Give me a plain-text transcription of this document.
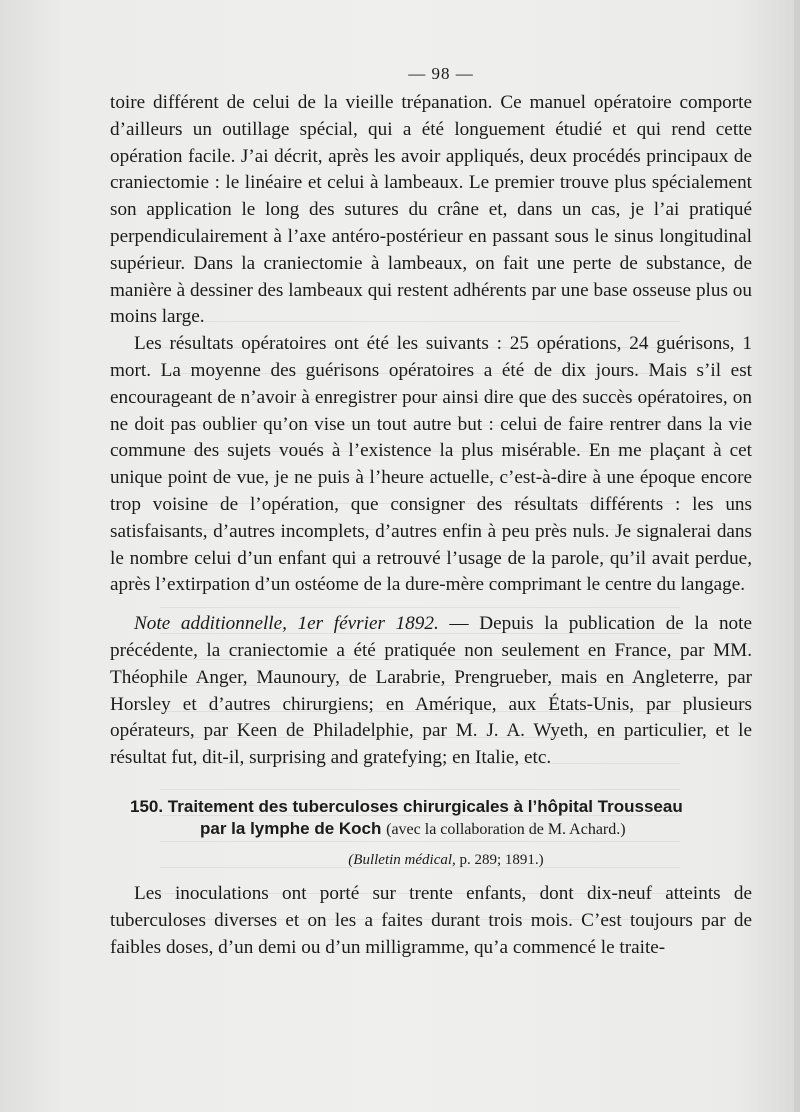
— 98 —

toire différent de celui de la vieille trépanation. Ce manuel opératoire comporte d’ailleurs un outillage spécial, qui a été longuement étudié et qui rend cette opération facile. J’ai décrit, après les avoir appliqués, deux procédés principaux de craniectomie : le linéaire et celui à lambeaux. Le premier trouve plus spécialement son application le long des sutures du crâne et, dans un cas, je l’ai pratiqué perpendiculairement à l’axe antéro-postérieur en passant sous le sinus longitudinal supérieur. Dans la craniectomie à lambeaux, on fait une perte de substance, de manière à dessiner des lambeaux qui restent adhérents par une base osseuse plus ou moins large.

Les résultats opératoires ont été les suivants : 25 opérations, 24 guérisons, 1 mort. La moyenne des guérisons opératoires a été de dix jours. Mais s’il est encourageant de n’avoir à enregistrer pour ainsi dire que des succès opératoires, on ne doit pas oublier qu’on vise un tout autre but : celui de faire rentrer dans la vie commune des sujets voués à l’existence la plus misérable. En me plaçant à cet unique point de vue, je ne puis à l’heure actuelle, c’est-à-dire à une époque encore trop voisine de l’opération, que consigner des résultats différents : les uns satisfaisants, d’autres incomplets, d’autres enfin à peu près nuls. Je signalerai dans le nombre celui d’un enfant qui a retrouvé l’usage de la parole, qu’il avait perdue, après l’extirpation d’un ostéome de la dure-mère comprimant le centre du langage.

Note additionnelle, 1er février 1892. — Depuis la publication de la note précédente, la craniectomie a été pratiquée non seulement en France, par MM. Théophile Anger, Maunoury, de Larabrie, Prengrueber, mais en Angleterre, par Horsley et d’autres chirurgiens; en Amérique, aux États-Unis, par plusieurs opérateurs, par Keen de Philadelphie, par M. J. A. Wyeth, en particulier, et le résultat fut, dit-il, surprising and gratefying; en Italie, etc.

150. Traitement des tuberculoses chirurgicales à l’hôpital Trousseau
par la lymphe de Koch (avec la collaboration de M. Achard.)
(Bulletin médical, p. 289; 1891.)

Les inoculations ont porté sur trente enfants, dont dix-neuf atteints de tuberculoses diverses et on les a faites durant trois mois. C’est toujours par de faibles doses, d’un demi ou d’un milligramme, qu’a commencé le traite-
